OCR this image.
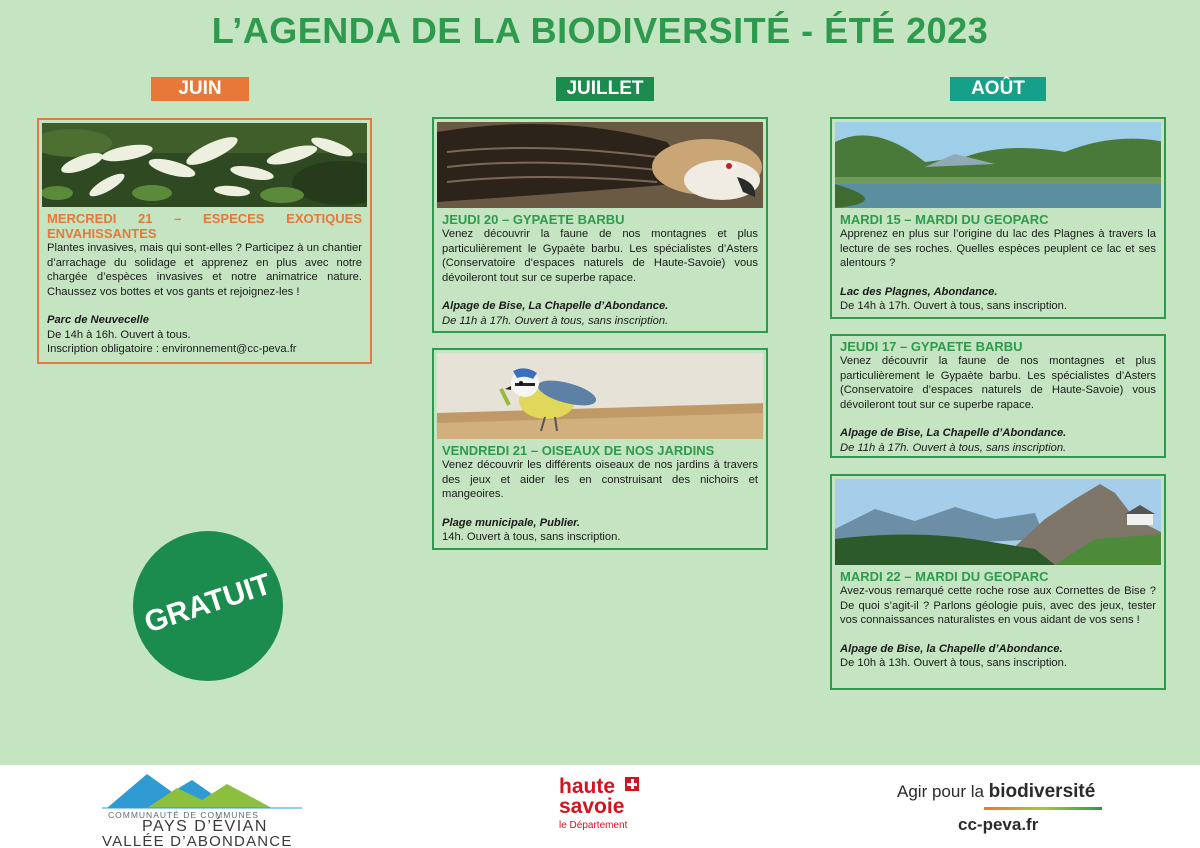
L’AGENDA DE LA BIODIVERSITÉ - ÉTÉ 2023
JUIN	JUILLET	AOÛT
MERCREDI 21 – ESPECES EXOTIQUES ENVAHISSANTES
Plantes invasives, mais qui sont-elles ? Participez à un chantier d’arrachage du solidage et apprenez en plus avec notre chargée d’espèces invasives et notre animatrice nature. Chaussez vos bottes et vos gants et rejoignez-les !
Parc de Neuvecelle
De 14h à 16h. Ouvert à tous.
Inscription obligatoire : environnement@cc-peva.fr
JEUDI 20 – GYPAETE BARBU
Venez découvrir la faune de nos montagnes et plus particulièrement le Gypaète barbu. Les spécialistes d’Asters (Conservatoire d’espaces naturels de Haute-Savoie) vous dévoileront tout sur ce superbe rapace.
Alpage de Bise, La Chapelle d’Abondance.
De 11h à 17h. Ouvert à tous, sans inscription.
VENDREDI 21 – OISEAUX DE NOS JARDINS
Venez découvrir les différents oiseaux de nos jardins à travers des jeux et aider les en construisant des nichoirs et mangeoires.
Plage municipale, Publier.
14h. Ouvert à tous, sans inscription.
MARDI 15 – MARDI DU GEOPARC
Apprenez en plus sur l’origine du lac des Plagnes à travers la lecture de ses roches. Quelles espèces peuplent ce lac et ses alentours ?
Lac des Plagnes, Abondance.
De 14h à 17h. Ouvert à tous, sans inscription.
JEUDI 17 – GYPAETE BARBU
Venez découvrir la faune de nos montagnes et plus particulièrement le Gypaète barbu. Les spécialistes d’Asters (Conservatoire d’espaces naturels de Haute-Savoie) vous dévoileront tout sur ce superbe rapace.
Alpage de Bise, La Chapelle d’Abondance.
De 11h à 17h. Ouvert à tous, sans inscription.
MARDI 22 – MARDI DU GEOPARC
Avez-vous remarqué cette roche rose aux Cornettes de Bise ? De quoi s’agit-il ? Parlons géologie puis, avec des jeux, tester vos connaissances naturalistes en vous aidant de vos sens !
Alpage de Bise, la Chapelle d’Abondance.
De 10h à 13h. Ouvert à tous, sans inscription.
GRATUIT
COMMUNAUTÉ DE COMMUNES
PAYS D’ÉVIAN
VALLÉE D’ABONDANCE
haute
savoie
le Département
Agir pour la biodiversité
cc-peva.fr
